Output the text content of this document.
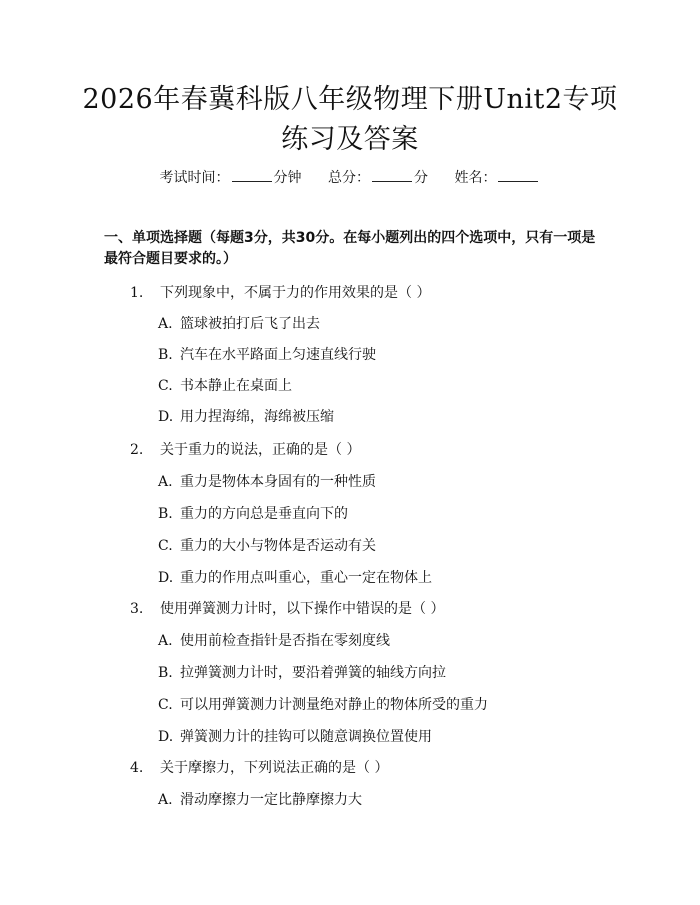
2026年春冀科版八年级物理下册Unit2专项
练习及答案
考试时间：	分钟 总分：	分 姓名：
一、单项选择题（每题3分，共30分。在每小题列出的四个选项中，只有一项是最符合题目要求的。）
1. 下列现象中，不属于力的作用效果的是（ ）
A. 篮球被拍打后飞了出去
B. 汽车在水平路面上匀速直线行驶
C. 书本静止在桌面上
D. 用力捏海绵，海绵被压缩
2. 关于重力的说法，正确的是（ ）
A. 重力是物体本身固有的一种性质
B. 重力的方向总是垂直向下的
C. 重力的大小与物体是否运动有关
D. 重力的作用点叫重心，重心一定在物体上
3. 使用弹簧测力计时，以下操作中错误的是（ ）
A. 使用前检查指针是否指在零刻度线
B. 拉弹簧测力计时，要沿着弹簧的轴线方向拉
C. 可以用弹簧测力计测量绝对静止的物体所受的重力
D. 弹簧测力计的挂钩可以随意调换位置使用
4. 关于摩擦力，下列说法正确的是（ ）
A. 滑动摩擦力一定比静摩擦力大
